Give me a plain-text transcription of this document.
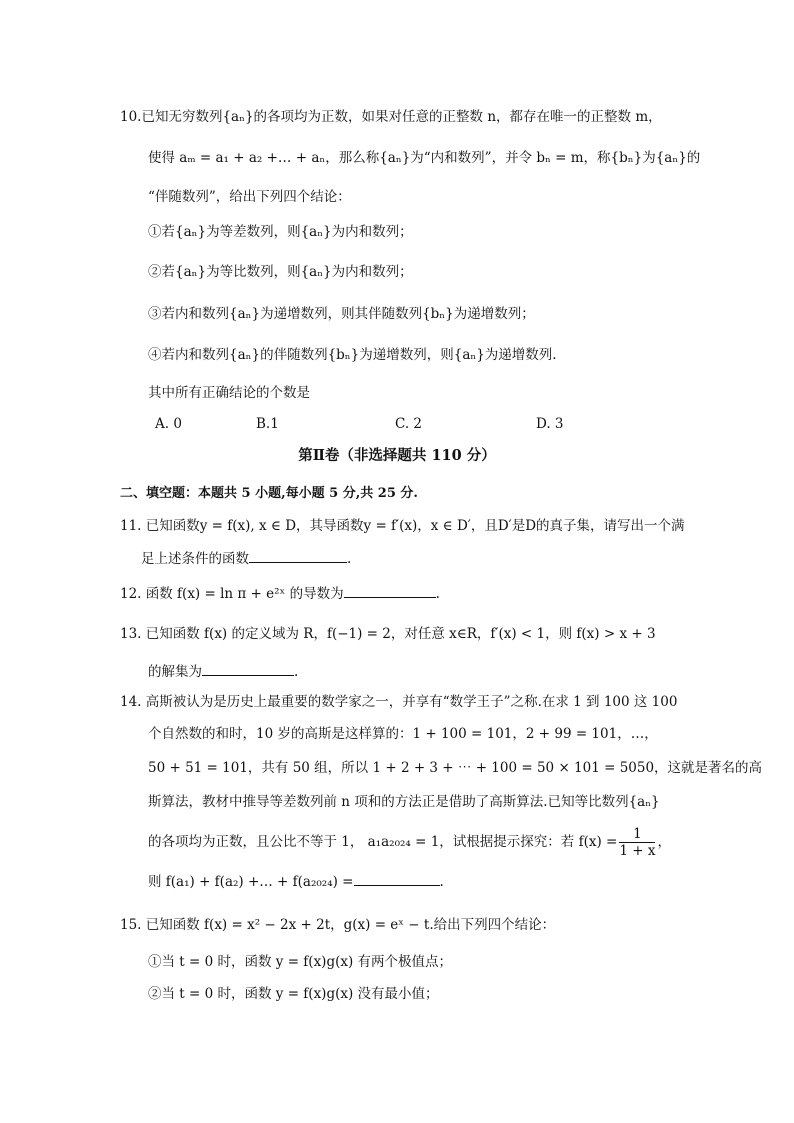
10.已知无穷数列{aₙ}的各项均为正数，如果对任意的正整数 n，都存在唯一的正整数 m，
使得 aₘ = a₁ + a₂ +… + aₙ，那么称{aₙ}为“内和数列”，并令 bₙ = m，称{bₙ}为{aₙ}的
“伴随数列”，给出下列四个结论：
①若{aₙ}为等差数列，则{aₙ}为内和数列；
②若{aₙ}为等比数列，则{aₙ}为内和数列；
③若内和数列{aₙ}为递增数列，则其伴随数列{bₙ}为递增数列；
④若内和数列{aₙ}的伴随数列{bₙ}为递增数列，则{aₙ}为递增数列.
其中所有正确结论的个数是
A. 0	B.1	C. 2	D. 3
第Ⅱ卷（非选择题共 110 分）
二、填空题：本题共 5 小题,每小题 5 分,共 25 分.
11. 已知函数y = f(x), x ∈ D，其导函数y = f′(x)，x ∈ D′，且D′是D的真子集，请写出一个满
足上述条件的函数	.
12. 函数 f(x) = ln π + e²ˣ 的导数为	.
13. 已知函数 f(x) 的定义域为 R，f(−1) = 2，对任意 x∈R，f′(x) < 1，则 f(x) > x + 3
的解集为	.
14. 高斯被认为是历史上最重要的数学家之一，并享有“数学王子”之称.在求 1 到 100 这 100
个自然数的和时，10 岁的高斯是这样算的：1 + 100 = 101，2 + 99 = 101，…，
50 + 51 = 101，共有 50 组，所以 1 + 2 + 3 + ⋯ + 100 = 50 × 101 = 5050，这就是著名的高
斯算法，教材中推导等差数列前 n 项和的方法正是借助了高斯算法.已知等比数列{aₙ}
的各项均为正数，且公比不等于 1， a₁a₂₀₂₄ = 1，试根据提示探究：若 $f(x) = \frac{1}{1 + x}$ ，
则 f(a₁) + f(a₂) +… + f(a₂₀₂₄) =	.
15. 已知函数 f(x) = x² − 2x + 2t，g(x) = eˣ − t.给出下列四个结论：
①当 t = 0 时，函数 y = f(x)g(x) 有两个极值点；
②当 t = 0 时，函数 y = f(x)g(x) 没有最小值；
